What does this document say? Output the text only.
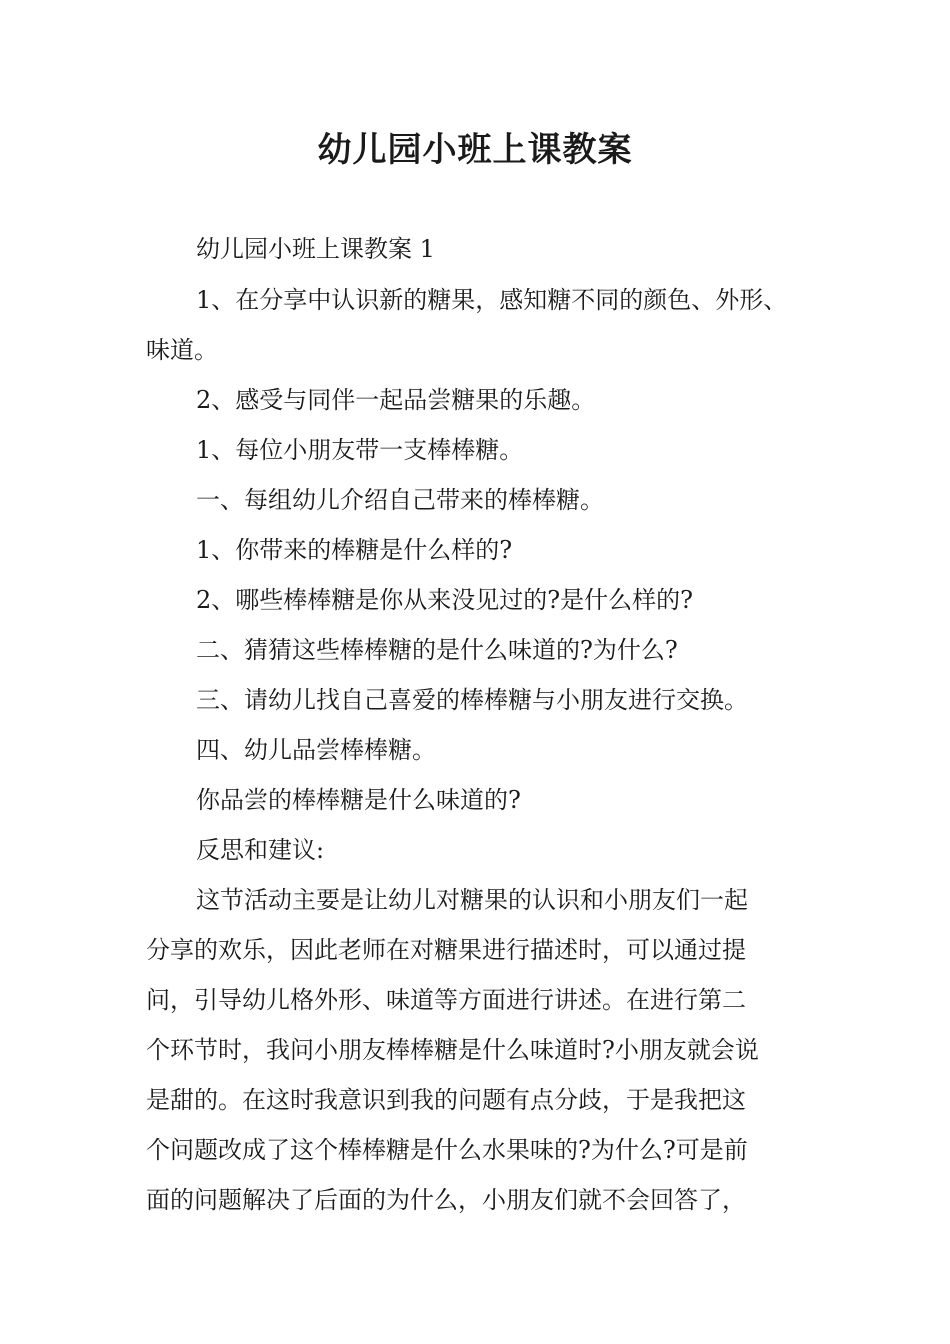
幼儿园小班上课教案
幼儿园小班上课教案 1
1、在分享中认识新的糖果，感知糖不同的颜色、外形、
味道。
2、感受与同伴一起品尝糖果的乐趣。
1、每位小朋友带一支棒棒糖。
一、每组幼儿介绍自己带来的棒棒糖。
1、你带来的棒糖是什么样的?
2、哪些棒棒糖是你从来没见过的?是什么样的?
二、猜猜这些棒棒糖的是什么味道的?为什么?
三、请幼儿找自己喜爱的棒棒糖与小朋友进行交换。
四、幼儿品尝棒棒糖。
你品尝的棒棒糖是什么味道的?
反思和建议:
这节活动主要是让幼儿对糖果的认识和小朋友们一起
分享的欢乐，因此老师在对糖果进行描述时，可以通过提
问，引导幼儿格外形、味道等方面进行讲述。在进行第二
个环节时，我问小朋友棒棒糖是什么味道时?小朋友就会说
是甜的。在这时我意识到我的问题有点分歧，于是我把这
个问题改成了这个棒棒糖是什么水果味的?为什么?可是前
面的问题解决了后面的为什么，小朋友们就不会回答了，
